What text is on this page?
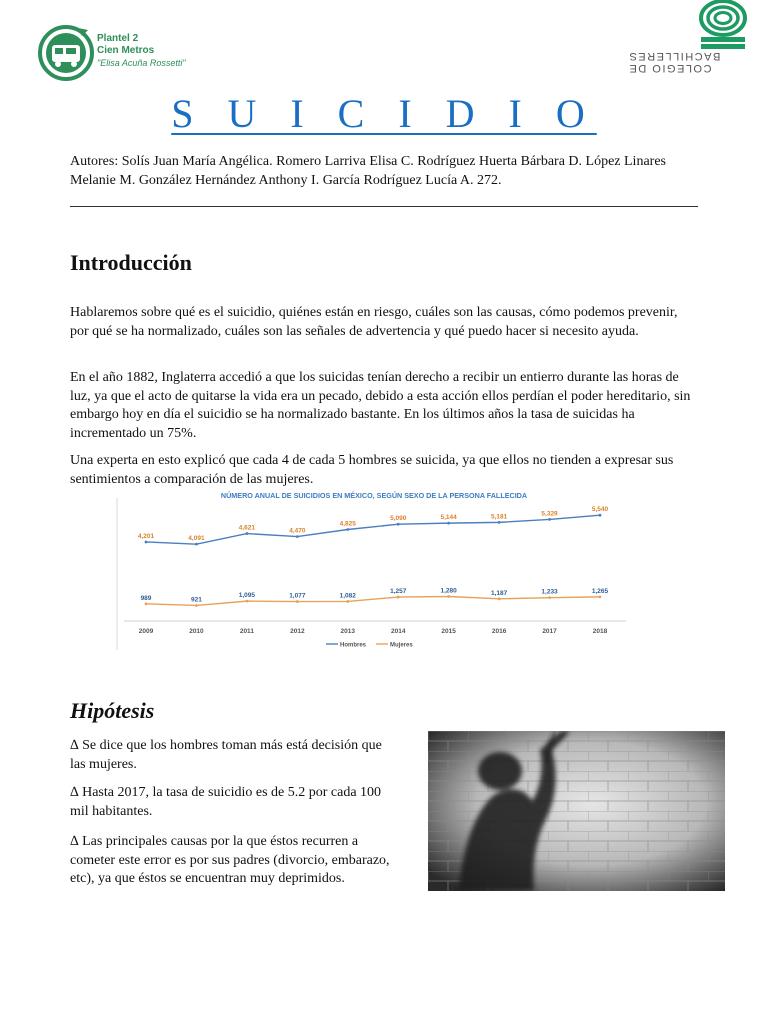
Plantel 2
Cien Metros
"Elisa Acuña Rossetti"	COLEGIO DE
BACHILLERES
S U I C I D I O
Autores: Solís Juan María Angélica. Romero Larriva Elisa C. Rodríguez Huerta Bárbara D. López Linares Melanie M. González Hernández Anthony I. García Rodríguez Lucía A. 272.
Introducción
Hablaremos sobre qué es el suicidio, quiénes están en riesgo, cuáles son las causas, cómo podemos prevenir, por qué se ha normalizado, cuáles son las señales de advertencia y qué puedo hacer si necesito ayuda.
En el año 1882, Inglaterra accedió a que los suicidas tenían derecho a recibir un entierro durante las horas de luz, ya que el acto de quitarse la vida era un pecado, debido a esta acción ellos perdían el poder hereditario, sin embargo hoy en día el suicidio se ha normalizado bastante. En los últimos años la tasa de suicidas ha incrementado un 75%.
Una experta en esto explicó que cada 4 de cada 5 hombres se suicida, ya que ellos no tienden a expresar sus sentimientos a comparación de las mujeres.
NÚMERO ANUAL DE SUICIDIOS EN MÉXICO, SEGÚN SEXO DE LA PERSONA FALLECIDA
2009	2010	2011	2012	2013	2014	2015	2016	2017	2018
4,201	4,091
4,621	4,470
4,825
5,090	5,144	5,181	5,329
5,540
989	921
1,095	1,077	1,082
1,257	1,280	1,187	1,233	1,265
Hombres	Mujeres
Hipótesis
∆ Se dice que los hombres toman más está decisión que las mujeres.
∆ Hasta 2017, la tasa de suicidio es de 5.2 por cada 100 mil habitantes.
∆ Las principales causas por la que éstos recurren a cometer este error es por sus padres (divorcio, embarazo, etc), ya que éstos se encuentran muy deprimidos.
